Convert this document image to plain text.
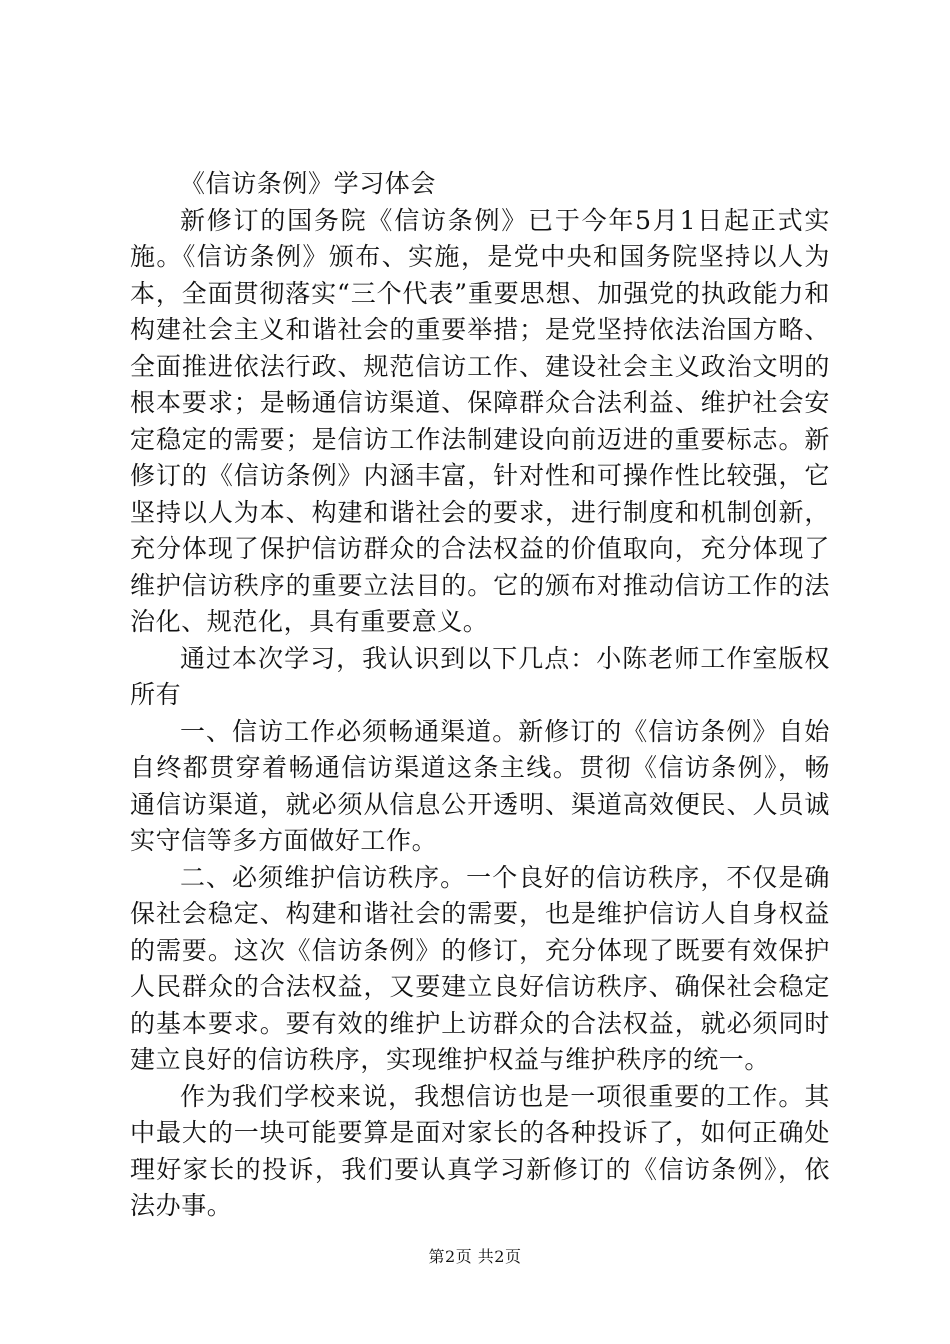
《信访条例》学习体会

新修订的国务院《信访条例》已于今年5月1日起正式实施。《信访条例》颁布、实施，是党中央和国务院坚持以人为本，全面贯彻落实“三个代表”重要思想、加强党的执政能力和构建社会主义和谐社会的重要举措；是党坚持依法治国方略、全面推进依法行政、规范信访工作、建设社会主义政治文明的根本要求；是畅通信访渠道、保障群众合法利益、维护社会安定稳定的需要；是信访工作法制建设向前迈进的重要标志。新修订的《信访条例》内涵丰富，针对性和可操作性比较强，它坚持以人为本、构建和谐社会的要求，进行制度和机制创新，充分体现了保护信访群众的合法权益的价值取向，充分体现了维护信访秩序的重要立法目的。它的颁布对推动信访工作的法治化、规范化，具有重要意义。

通过本次学习，我认识到以下几点：小陈老师工作室版权所有

一、信访工作必须畅通渠道。新修订的《信访条例》自始自终都贯穿着畅通信访渠道这条主线。贯彻《信访条例》，畅通信访渠道，就必须从信息公开透明、渠道高效便民、人员诚实守信等多方面做好工作。

二、必须维护信访秩序。一个良好的信访秩序，不仅是确保社会稳定、构建和谐社会的需要，也是维护信访人自身权益的需要。这次《信访条例》的修订，充分体现了既要有效保护人民群众的合法权益，又要建立良好信访秩序、确保社会稳定的基本要求。要有效的维护上访群众的合法权益，就必须同时建立良好的信访秩序，实现维护权益与维护秩序的统一。

作为我们学校来说，我想信访也是一项很重要的工作。其中最大的一块可能要算是面对家长的各种投诉了，如何正确处理好家长的投诉，我们要认真学习新修订的《信访条例》，依法办事。

第2页 共2页
